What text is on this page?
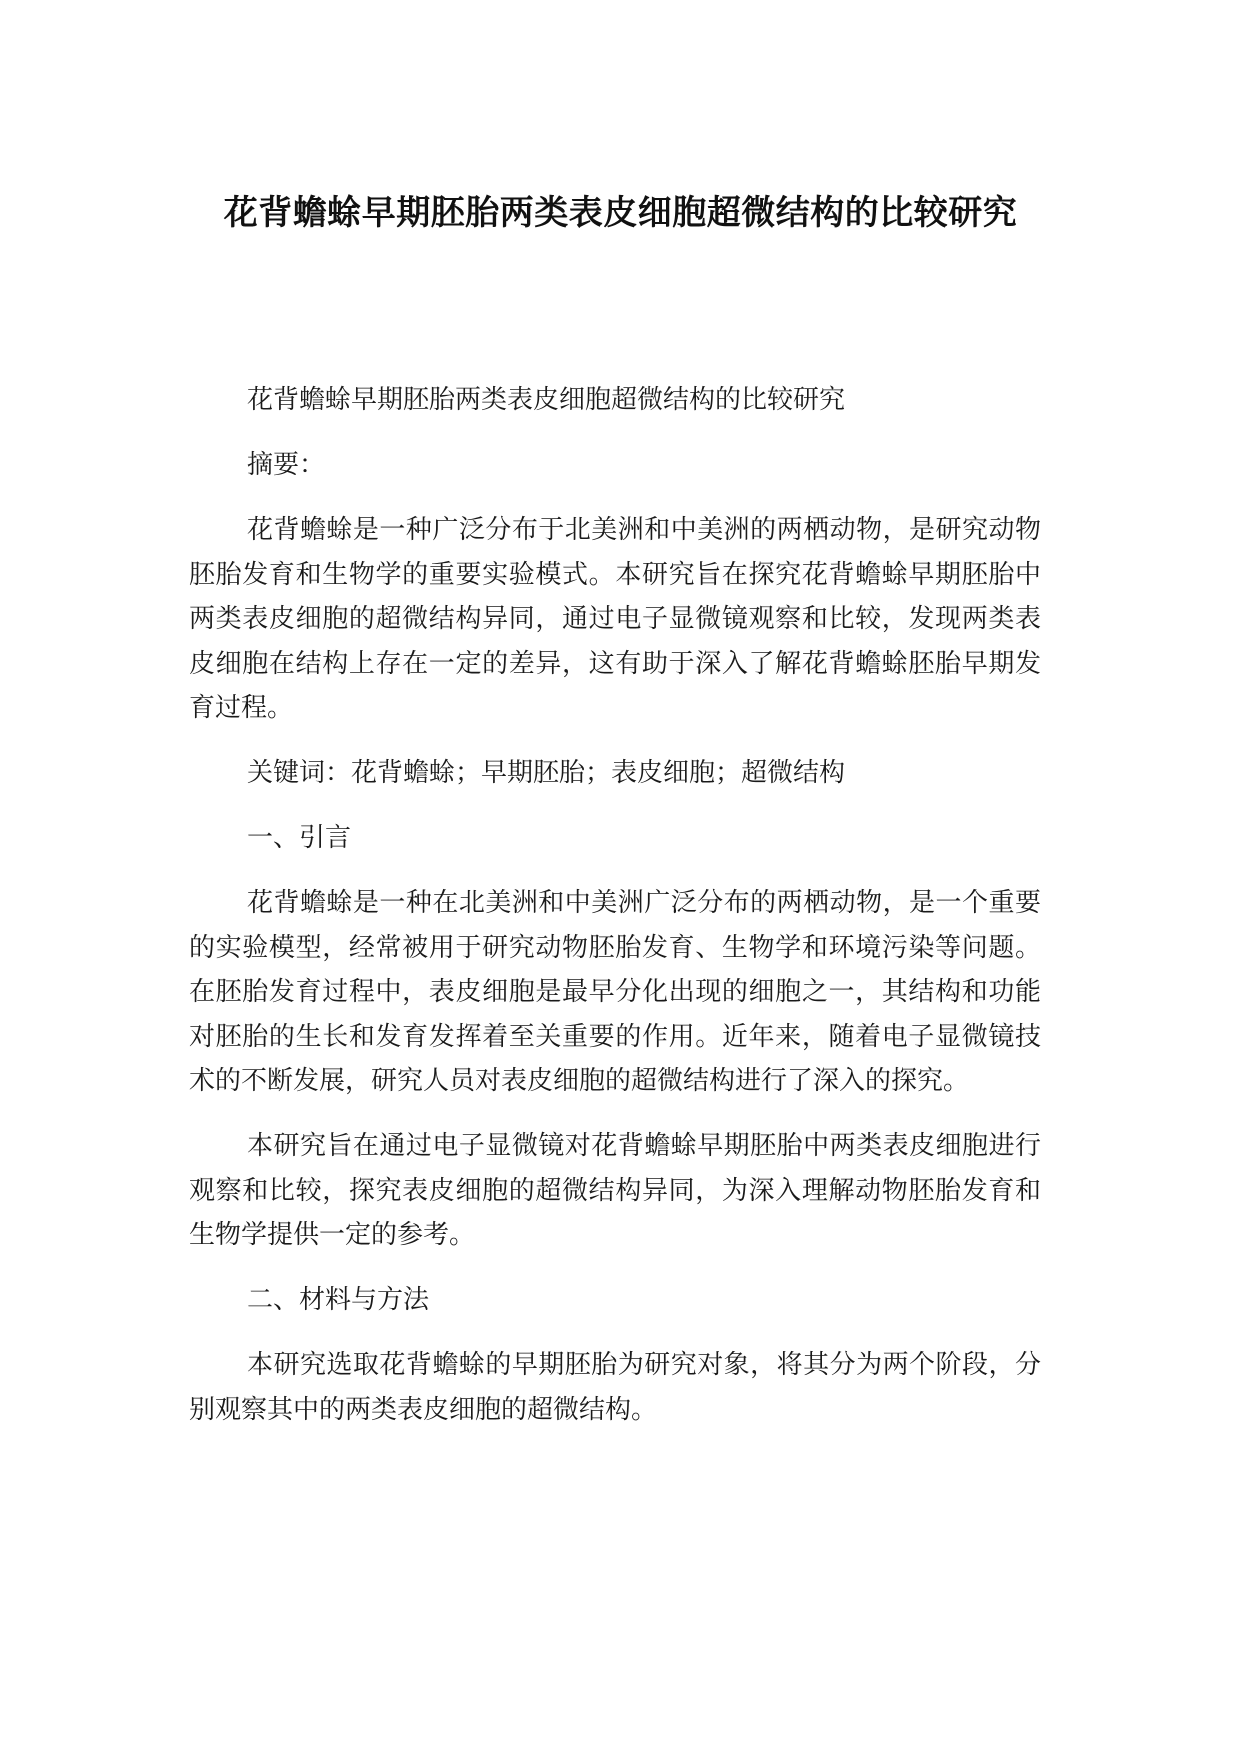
花背蟾蜍早期胚胎两类表皮细胞超微结构的比较研究

花背蟾蜍早期胚胎两类表皮细胞超微结构的比较研究

摘要：

花背蟾蜍是一种广泛分布于北美洲和中美洲的两栖动物，是研究动物胚胎发育和生物学的重要实验模式。本研究旨在探究花背蟾蜍早期胚胎中两类表皮细胞的超微结构异同，通过电子显微镜观察和比较，发现两类表皮细胞在结构上存在一定的差异，这有助于深入了解花背蟾蜍胚胎早期发育过程。

关键词：花背蟾蜍；早期胚胎；表皮细胞；超微结构

一、引言

花背蟾蜍是一种在北美洲和中美洲广泛分布的两栖动物，是一个重要的实验模型，经常被用于研究动物胚胎发育、生物学和环境污染等问题。在胚胎发育过程中，表皮细胞是最早分化出现的细胞之一，其结构和功能对胚胎的生长和发育发挥着至关重要的作用。近年来，随着电子显微镜技术的不断发展，研究人员对表皮细胞的超微结构进行了深入的探究。

本研究旨在通过电子显微镜对花背蟾蜍早期胚胎中两类表皮细胞进行观察和比较，探究表皮细胞的超微结构异同，为深入理解动物胚胎发育和生物学提供一定的参考。

二、材料与方法

本研究选取花背蟾蜍的早期胚胎为研究对象，将其分为两个阶段，分别观察其中的两类表皮细胞的超微结构。
